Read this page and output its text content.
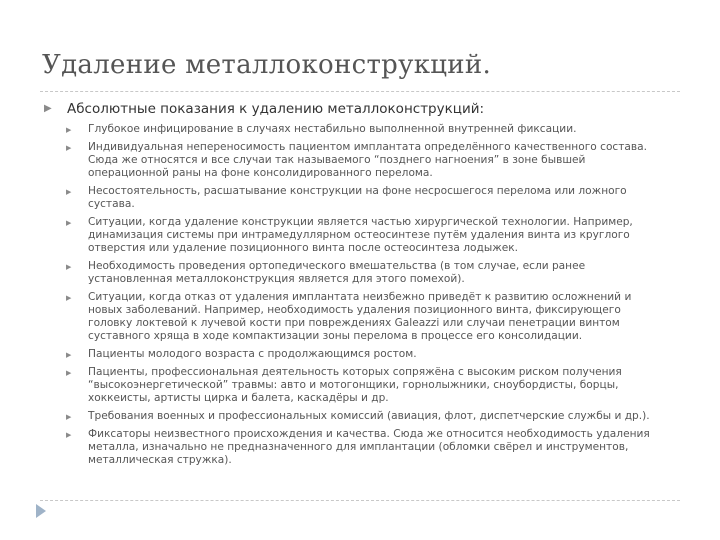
Удаление металлоконструкций.
▶ Абсолютные показания к удалению металлоконструкций:
▶ Глубокое инфицирование в случаях нестабильно выполненной внутренней фиксации.
▶ Индивидуальная непереносимость пациентом имплантата определённого качественного состава.
Сюда же относятся и все случаи так называемого “позднего нагноения” в зоне бывшей
операционной раны на фоне консолидированного перелома.
▶ Несостоятельность, расшатывание конструкции на фоне несросшегося перелома или ложного
сустава.
▶ Ситуации, когда удаление конструкции является частью хирургической технологии. Например,
динамизация системы при интрамедуллярном остеосинтезе путём удаления винта из круглого
отверстия или удаление позиционного винта после остеосинтеза лодыжек.
▶ Необходимость проведения ортопедического вмешательства (в том случае, если ранее
установленная металлоконструкция является для этого помехой).
▶ Ситуации, когда отказ от удаления имплантата неизбежно приведёт к развитию осложнений и
новых заболеваний. Например, необходимость удаления позиционного винта, фиксирующего
головку локтевой к лучевой кости при повреждениях Galeazzi или случаи пенетрации винтом
суставного хряща в ходе компактизации зоны перелома в процессе его консолидации.
▶ Пациенты молодого возраста с продолжающимся ростом.
▶ Пациенты, профессиональная деятельность которых сопряжёна с высоким риском получения
“высокоэнергетической” травмы: авто и мотогонщики, горнолыжники, сноубордисты, борцы,
хоккеисты, артисты цирка и балета, каскадёры и др.
▶ Требования военных и профессиональных комиссий (авиация, флот, диспетчерские службы и др.).
▶ Фиксаторы неизвестного происхождения и качества. Сюда же относится необходимость удаления
металла, изначально не предназначенного для имплантации (обломки свёрел и инструментов,
металлическая стружка).
